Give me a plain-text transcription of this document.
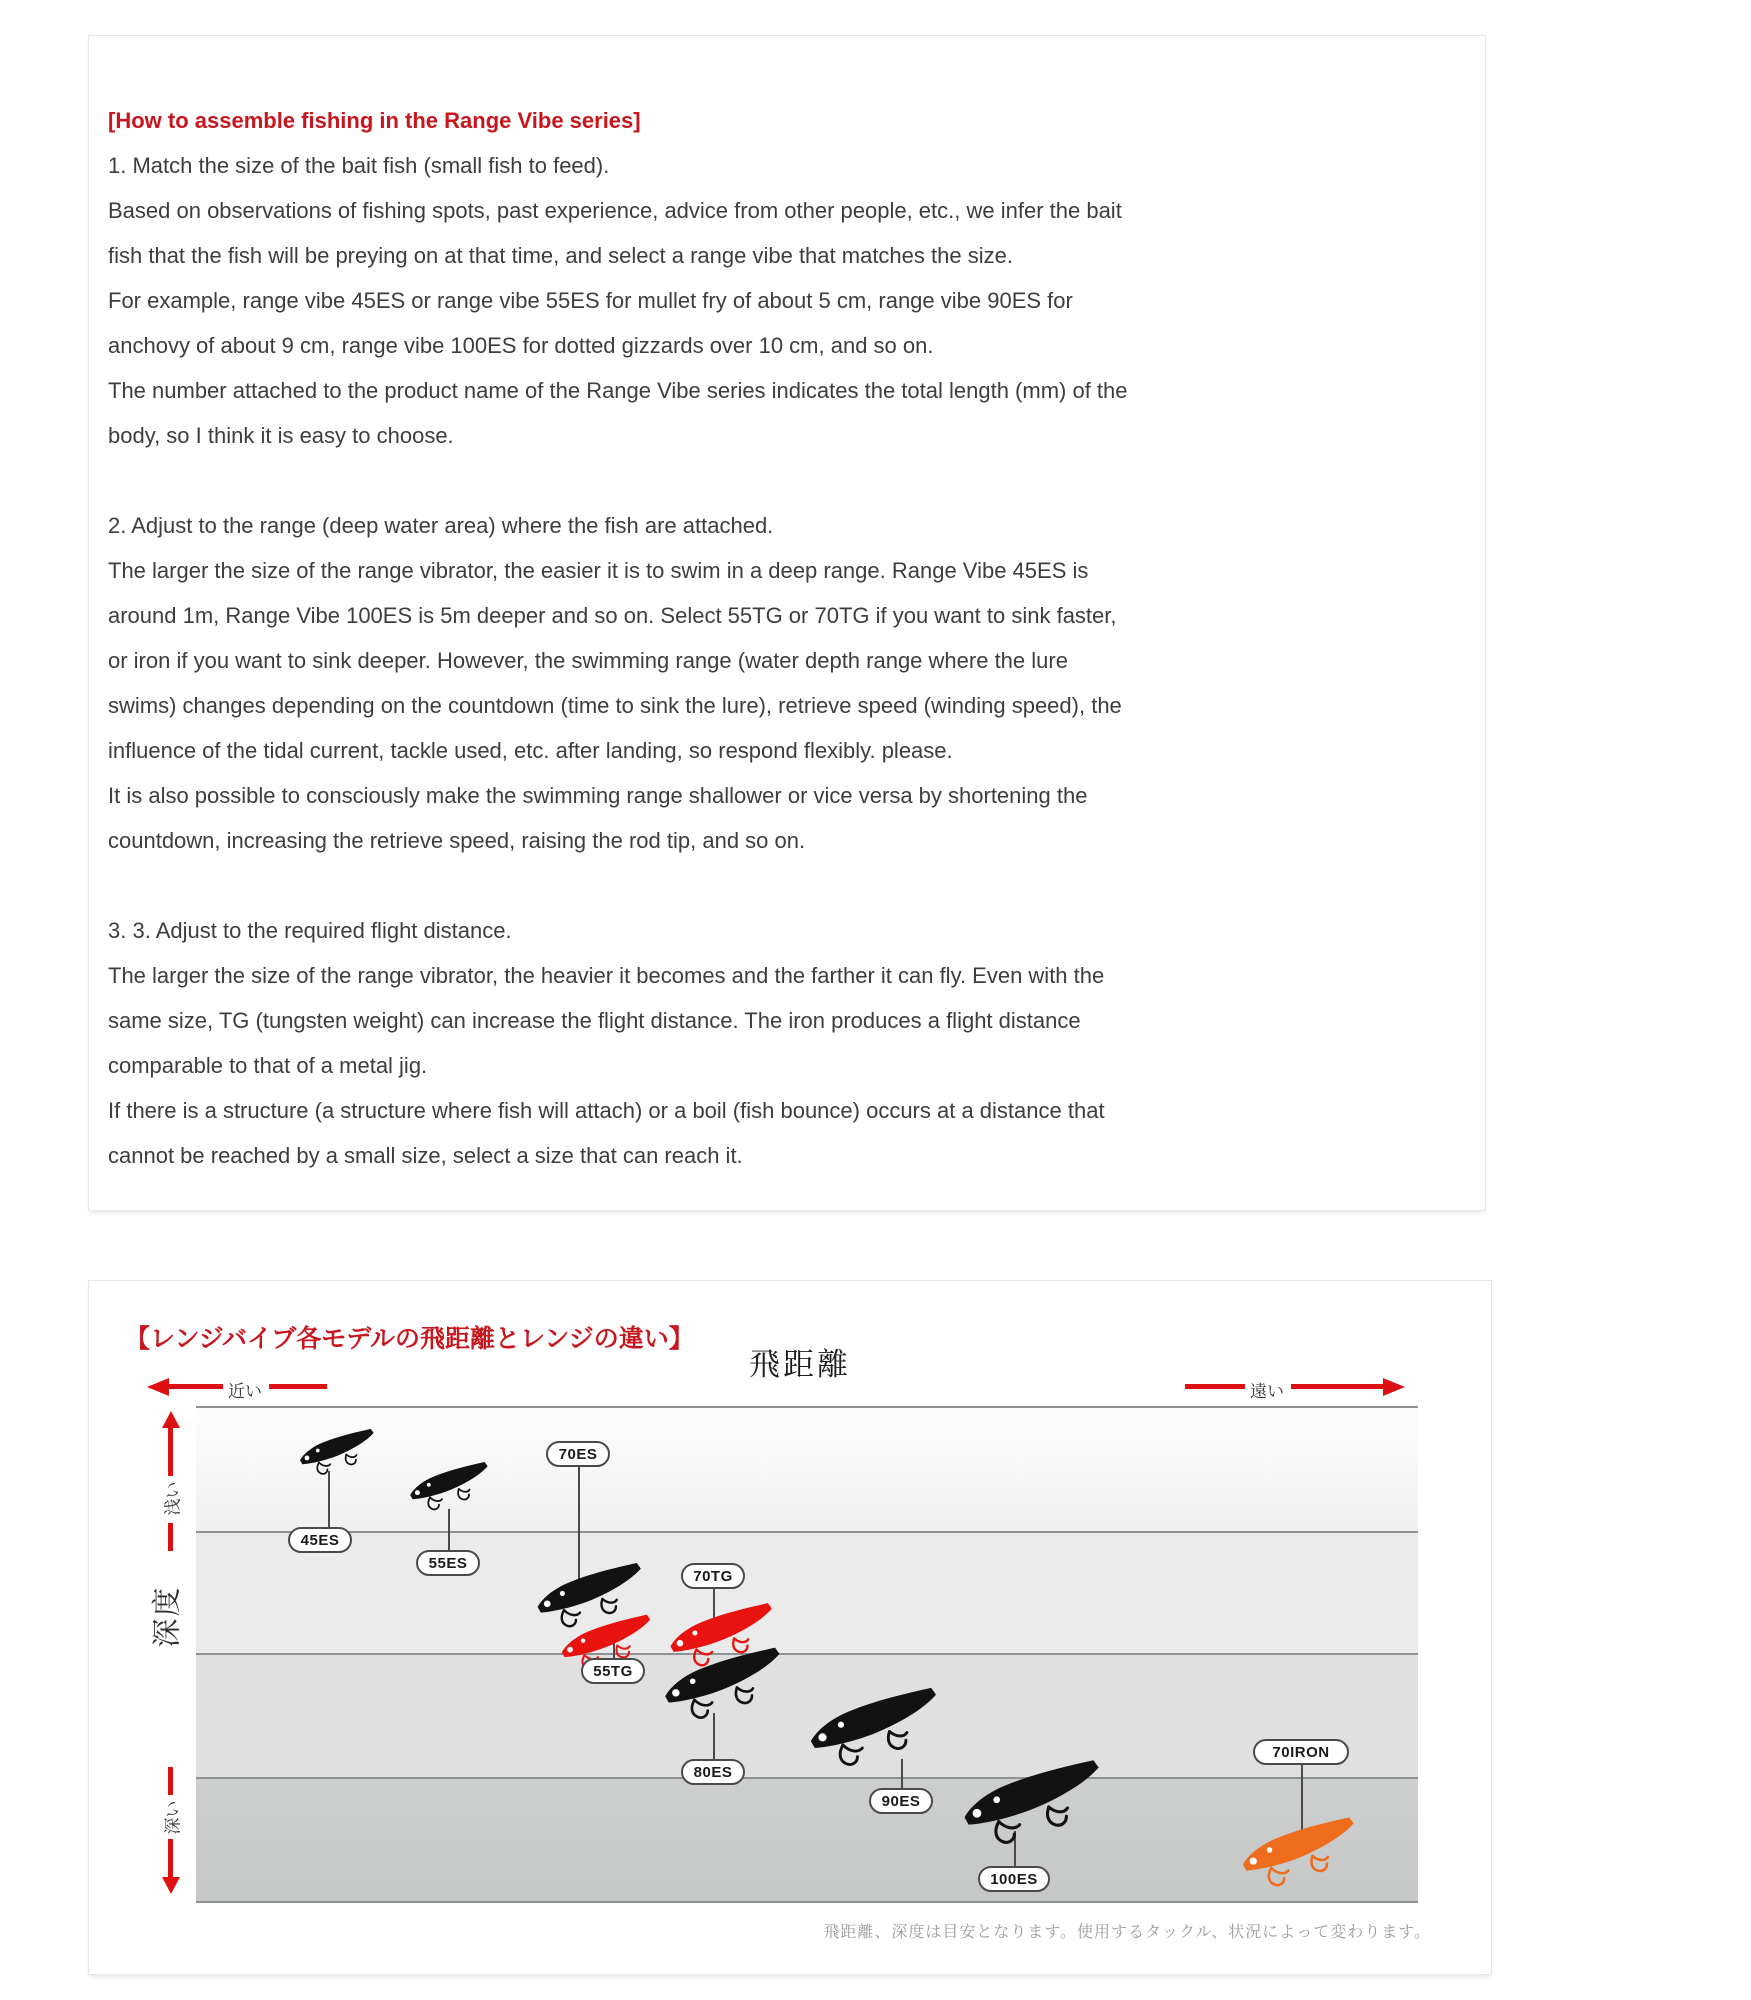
[How to assemble fishing in the Range Vibe series]

1. Match the size of the bait fish (small fish to feed).

Based on observations of fishing spots, past experience, advice from other people, etc., we infer the bait fish that the fish will be preying on at that time, and select a range vibe that matches the size.

For example, range vibe 45ES or range vibe 55ES for mullet fry of about 5 cm, range vibe 90ES for anchovy of about 9 cm, range vibe 100ES for dotted gizzards over 10 cm, and so on.

The number attached to the product name of the Range Vibe series indicates the total length (mm) of the body, so I think it is easy to choose.

2. Adjust to the range (deep water area) where the fish are attached.

The larger the size of the range vibrator, the easier it is to swim in a deep range. Range Vibe 45ES is around 1m, Range Vibe 100ES is 5m deeper and so on. Select 55TG or 70TG if you want to sink faster, or iron if you want to sink deeper. However, the swimming range (water depth range where the lure swims) changes depending on the countdown (time to sink the lure), retrieve speed (winding speed), the influence of the tidal current, tackle used, etc. after landing, so respond flexibly. please.

It is also possible to consciously make the swimming range shallower or vice versa by shortening the countdown, increasing the retrieve speed, raising the rod tip, and so on.

3. 3. Adjust to the required flight distance.

The larger the size of the range vibrator, the heavier it becomes and the farther it can fly. Even with the same size, TG (tungsten weight) can increase the flight distance. The iron produces a flight distance comparable to that of a metal jig.

If there is a structure (a structure where fish will attach) or a boil (fish bounce) occurs at a distance that cannot be reached by a small size, select a size that can reach it.

【レンジバイブ各モデルの飛距離とレンジの違い】
飛距離
近い	遠い
浅い
深度
深い
45ES
55ES
70ES
55TG
70TG
80ES
90ES
100ES
70IRON
飛距離、深度は目安となります。使用するタックル、状況によって変わります。
